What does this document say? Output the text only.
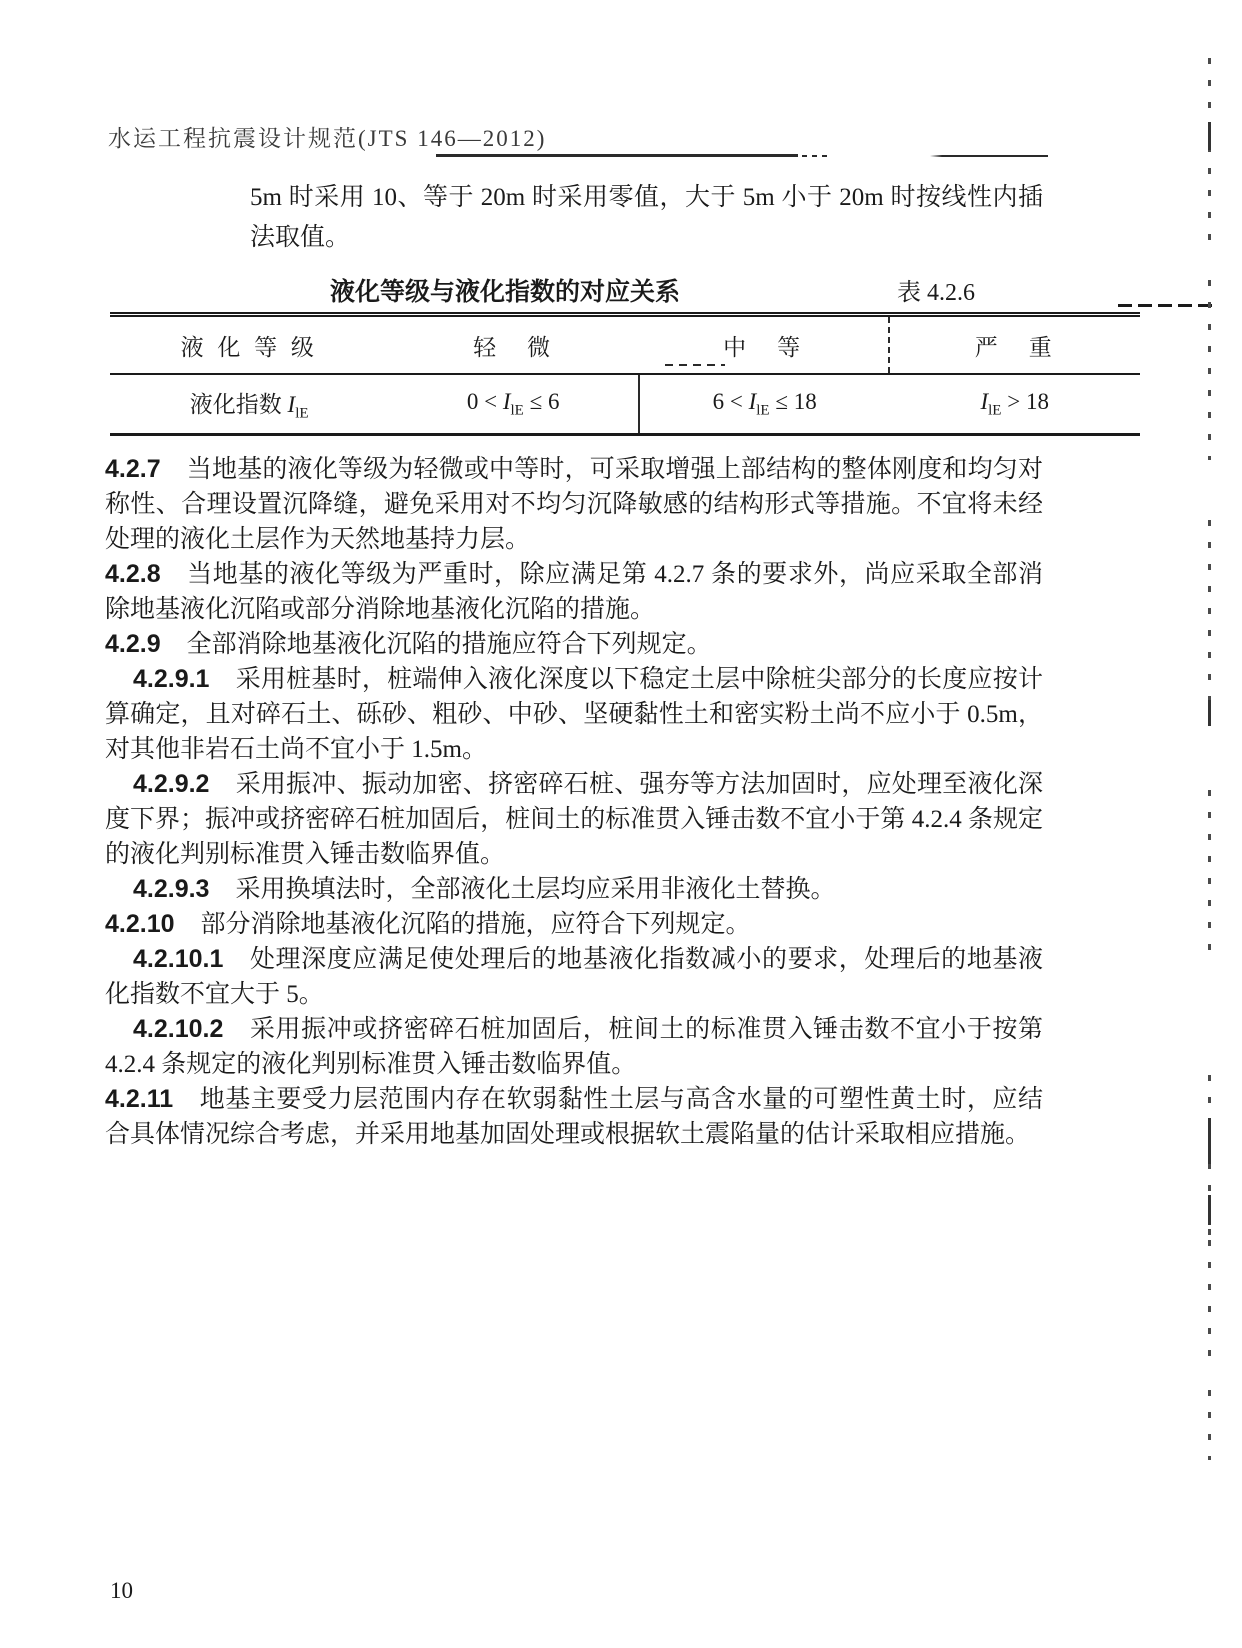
水运工程抗震设计规范(JTS 146—2012)

5m 时采用 10、等于 20m 时采用零值，大于 5m 小于 20m 时按线性内插法取值。

液化等级与液化指数的对应关系	表 4.2.6
液 化 等 级	轻　微	中　等	严　重
液化指数 $I_{lE}$	$0 < I_{lE} \le 6$	$6 < I_{lE} \le 18$	$I_{lE} > 18$

4.2.7 当地基的液化等级为轻微或中等时，可采取增强上部结构的整体刚度和均匀对称性、合理设置沉降缝，避免采用对不均匀沉降敏感的结构形式等措施。不宜将未经处理的液化土层作为天然地基持力层。

4.2.8 当地基的液化等级为严重时，除应满足第 4.2.7 条的要求外，尚应采取全部消除地基液化沉陷或部分消除地基液化沉陷的措施。

4.2.9 全部消除地基液化沉陷的措施应符合下列规定。

4.2.9.1 采用桩基时，桩端伸入液化深度以下稳定土层中除桩尖部分的长度应按计算确定，且对碎石土、砾砂、粗砂、中砂、坚硬黏性土和密实粉土尚不应小于 0.5m，对其他非岩石土尚不宜小于 1.5m。

4.2.9.2 采用振冲、振动加密、挤密碎石桩、强夯等方法加固时，应处理至液化深度下界；振冲或挤密碎石桩加固后，桩间土的标准贯入锤击数不宜小于第 4.2.4 条规定的液化判别标准贯入锤击数临界值。

4.2.9.3 采用换填法时，全部液化土层均应采用非液化土替换。

4.2.10 部分消除地基液化沉陷的措施，应符合下列规定。

4.2.10.1 处理深度应满足使处理后的地基液化指数减小的要求，处理后的地基液化指数不宜大于 5。

4.2.10.2 采用振冲或挤密碎石桩加固后，桩间土的标准贯入锤击数不宜小于按第 4.2.4 条规定的液化判别标准贯入锤击数临界值。

4.2.11 地基主要受力层范围内存在软弱黏性土层与高含水量的可塑性黄土时，应结合具体情况综合考虑，并采用地基加固处理或根据软土震陷量的估计采取相应措施。

10
